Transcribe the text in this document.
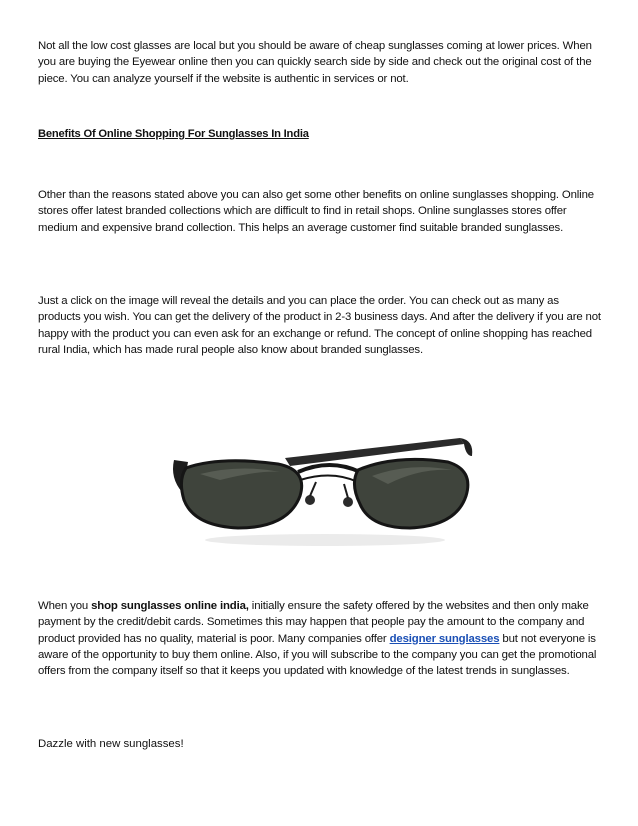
Not all the low cost glasses are local but you should be aware of cheap sunglasses coming at lower prices. When you are buying the Eyewear online then you can quickly search side by side and check out the original cost of the piece. You can analyze yourself if the website is authentic in services or not.

Benefits Of Online Shopping For Sunglasses In India

Other than the reasons stated above you can also get some other benefits on online sunglasses shopping. Online stores offer latest branded collections which are difficult to find in retail shops. Online sunglasses stores offer medium and expensive brand collection. This helps an average customer find suitable branded sunglasses.

Just a click on the image will reveal the details and you can place the order. You can check out as many as products you wish. You can get the delivery of the product in 2-3 business days. And after the delivery if you are not happy with the product you can even ask for an exchange or refund. The concept of online shopping has reached rural India, which has made rural people also know about branded sunglasses.

When you shop sunglasses online india, initially ensure the safety offered by the websites and then only make payment by the credit/debit cards. Sometimes this may happen that people pay the amount to the company and product provided has no quality, material is poor. Many companies offer designer sunglasses but not everyone is aware of the opportunity to buy them online. Also, if you will subscribe to the company you can get the promotional offers from the company itself so that it keeps you updated with knowledge of the latest trends in sunglasses.

Dazzle with new sunglasses!
